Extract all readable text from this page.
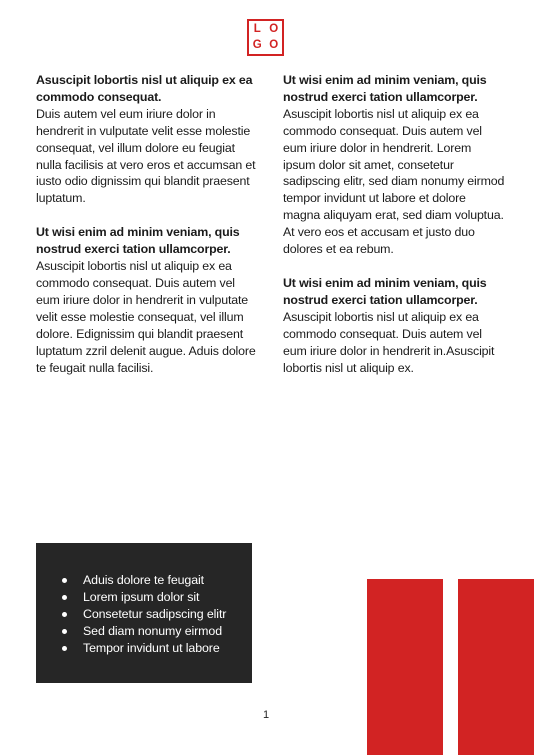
L O
G O

Asuscipit lobortis nisl ut aliquip ex ea commodo consequat.
Duis autem vel eum iriure dolor in hendrerit in vulputate velit esse molestie consequat, vel illum dolore eu feugiat nulla facilisis at vero eros et accumsan et iusto odio dignissim qui blandit praesent luptatum.

Ut wisi enim ad minim veniam, quis nostrud exerci tation ullamcorper.
Asuscipit lobortis nisl ut aliquip ex ea commodo consequat. Duis autem vel eum iriure dolor in hendrerit in vulputate velit esse molestie consequat, vel illum dolore. Edignissim qui blandit praesent luptatum zzril delenit augue. Aduis dolore te feugait nulla facilisi.

Ut wisi enim ad minim veniam, quis nostrud exerci tation ullamcorper.
Asuscipit lobortis nisl ut aliquip ex ea commodo consequat. Duis autem vel eum iriure dolor in hendrerit. Lorem ipsum dolor sit amet, consetetur sadipscing elitr, sed diam nonumy eirmod tempor invidunt ut labore et dolore magna aliquyam erat, sed diam voluptua. At vero eos et accusam et justo duo dolores et ea rebum.

Ut wisi enim ad minim veniam, quis nostrud exerci tation ullamcorper.
Asuscipit lobortis nisl ut aliquip ex ea commodo consequat. Duis autem vel eum iriure dolor in hendrerit in.Asuscipit lobortis nisl ut aliquip ex.

Aduis dolore te feugait
Lorem ipsum dolor sit
Consetetur sadipscing elitr
Sed diam nonumy eirmod
Tempor invidunt ut labore
1
